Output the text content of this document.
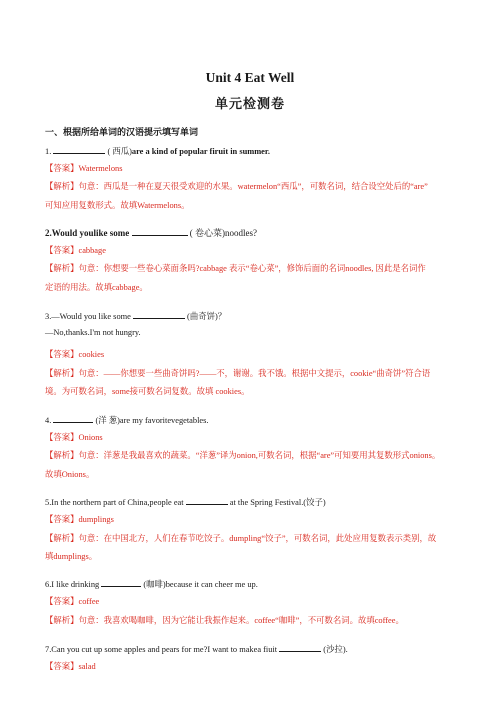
Unit 4 Eat Well
单元检测卷
一、根据所给单词的汉语提示填写单词
1.	( 西瓜)are a kind of popular firuit in summer.
【答案】Watermelons
【解析】句意：西瓜是一种在夏天很受欢迎的水果。watermelon“西瓜”，可数名词，结合设空处后的“are”
可知应用复数形式。故填Watermelons。
2.Would youlike some	( 卷心菜)noodles?
【答案】cabbage
【解析】句意：你想要一些卷心菜面条吗?cabbage 表示“卷心菜”，修饰后面的名词noodles, 因此是名词作
定语的用法。故填cabbage。
3.—Would you like some	(曲奇饼)？
—No,thanks.I'm not hungry.
【答案】cookies
【解析】句意：——你想要一些曲奇饼吗?——不，谢谢。我不饿。根据中文提示，cookie“曲奇饼”符合语
境。为可数名词，some接可数名词复数。故填 cookies。
4.	(洋 葱)are my favoritevegetables.
【答案】Onions
【解析】句意：洋葱是我最喜欢的蔬菜。“洋葱”译为onion,可数名词，根据“are”可知要用其复数形式onions。
故填Onions。
5.In the northern part of China,people eat	at the Spring Festival.(饺子)
【答案】dumplings
【解析】句意：在中国北方，人们在春节吃饺子。dumpling“饺子”，可数名词，此处应用复数表示类别，故
填dumplings。
6.I like drinking	(咖啡)because it can cheer me up.
【答案】coffee
【解析】句意：我喜欢喝咖啡，因为它能让我振作起来。coffee“咖啡”，不可数名词。故填coffee。
7.Can you cut up some apples and pears for me?I want to makea fiuit	(沙拉).
【答案】salad
